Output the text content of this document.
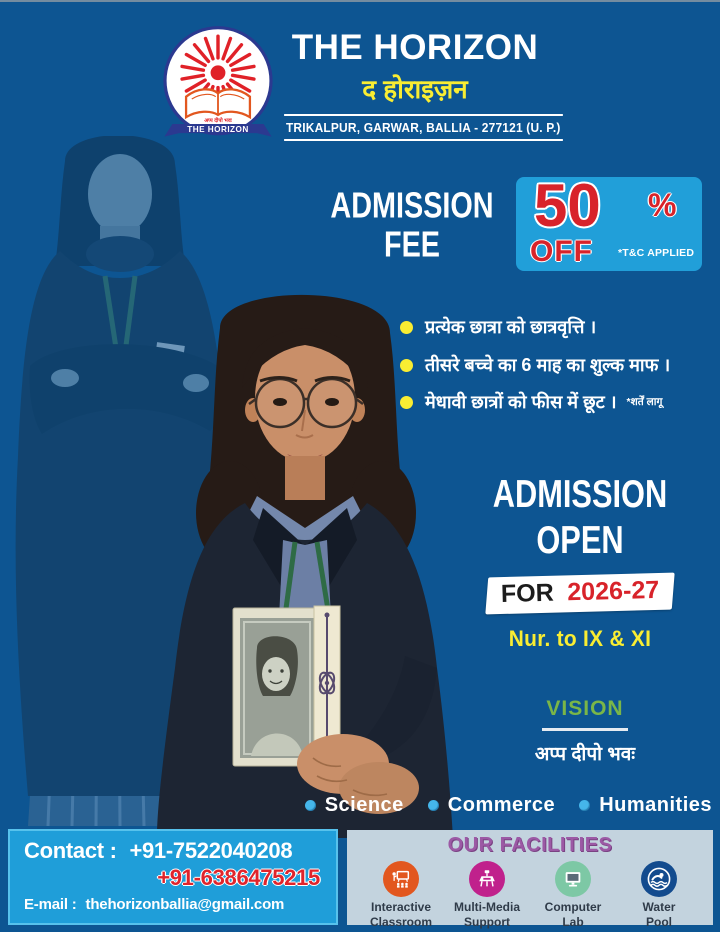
अप्प दीपो भवः
THE HORIZON
THE HORIZON
द होराइज़न
TRIKALPUR, GARWAR, BALLIA - 277121 (U. P.)
ADMISSION
FEE
50 %
OFF *T&C APPLIED
प्रत्येक छात्रा को छात्रवृत्ति ।
तीसरे बच्चे का 6 माह का शुल्क माफ ।
मेधावी छात्रों को फीस में छूट । *शर्तें लागू
ADMISSION
OPEN
FOR 2026-27
Nur. to IX & XI
VISION
अप्प दीपो भवः
Science Commerce Humanities
Contact : +91-7522040208
+91-6386475215
E-mail : thehorizonballia@gmail.com
OUR FACILITIES
Interactive
Classroom
Multi-Media
Support
Computer
Lab
Water
Pool
